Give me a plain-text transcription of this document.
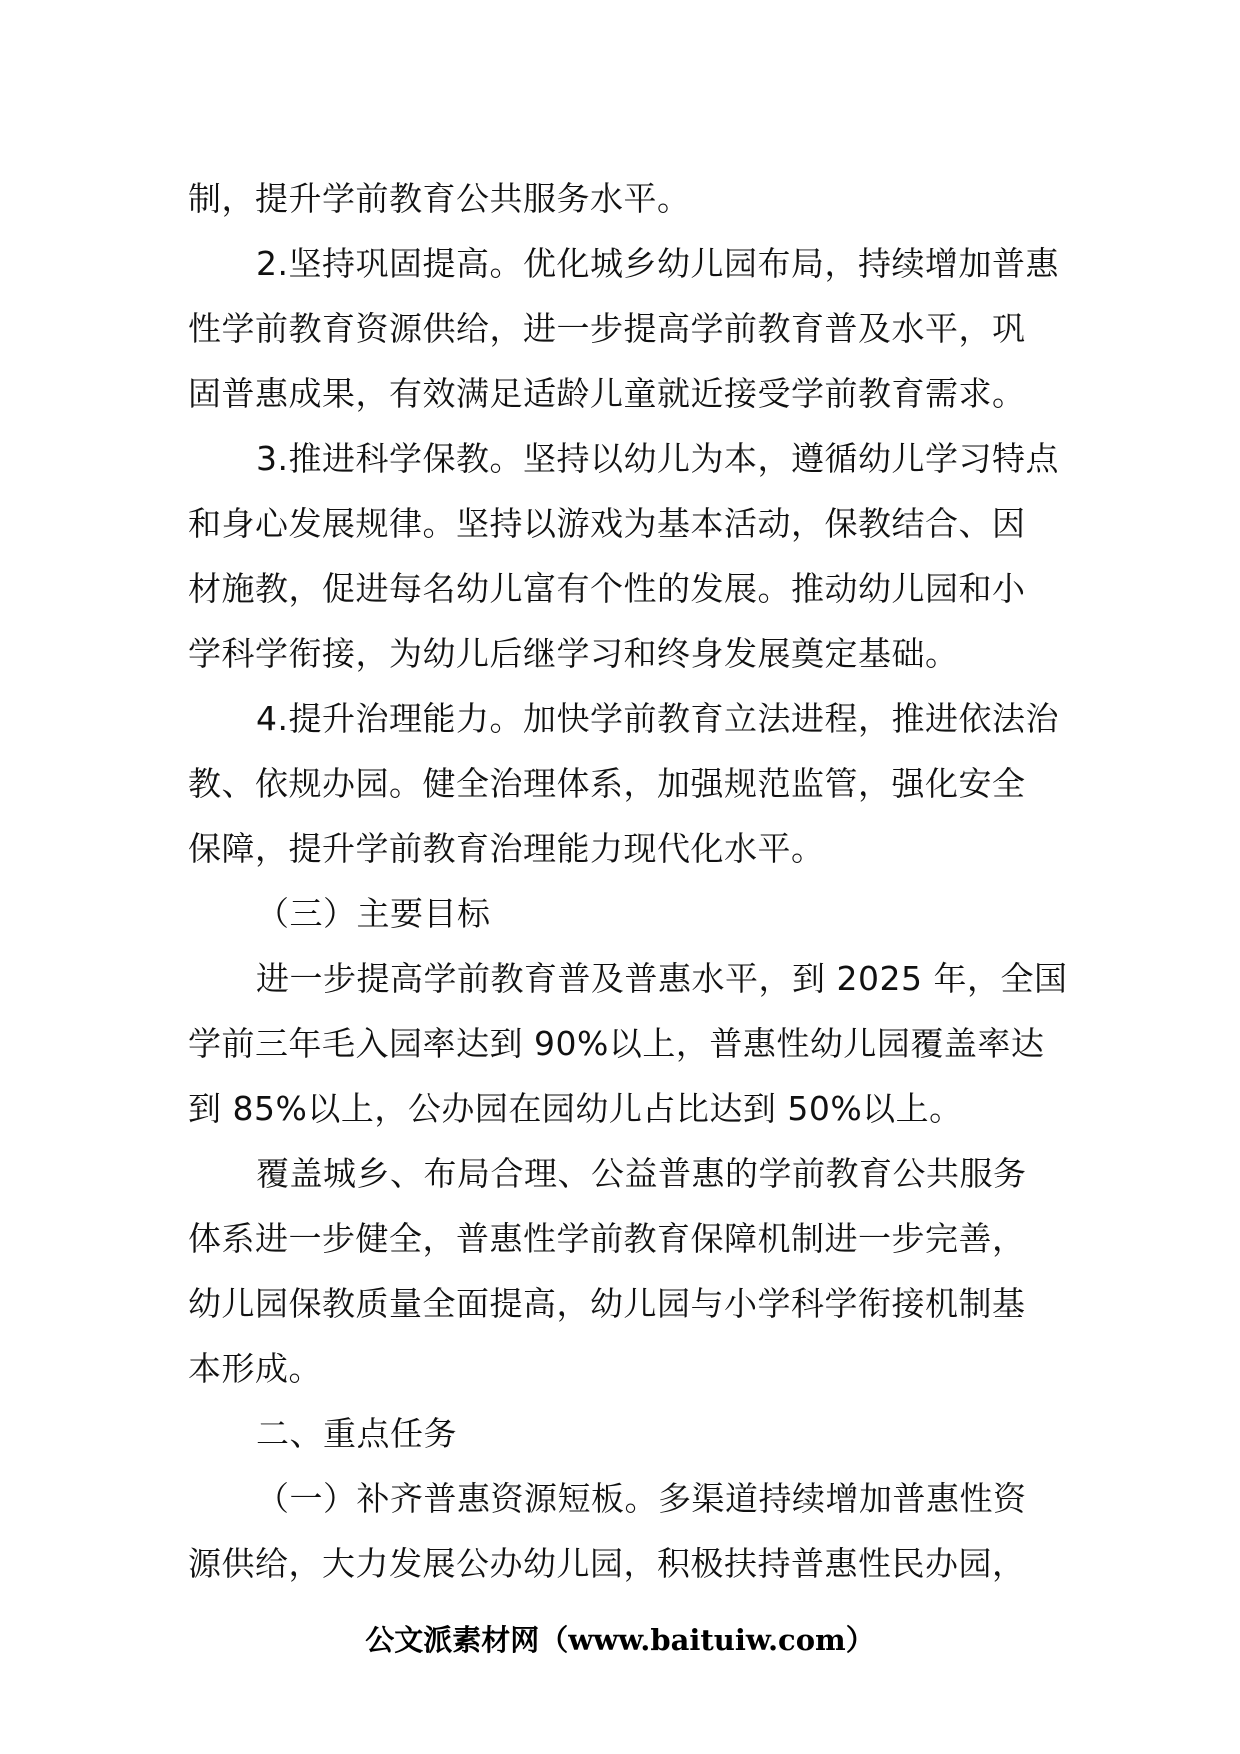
制，提升学前教育公共服务水平。
2.坚持巩固提高。优化城乡幼儿园布局，持续增加普惠
性学前教育资源供给，进一步提高学前教育普及水平，巩
固普惠成果，有效满足适龄儿童就近接受学前教育需求。
3.推进科学保教。坚持以幼儿为本，遵循幼儿学习特点
和身心发展规律。坚持以游戏为基本活动，保教结合、因
材施教，促进每名幼儿富有个性的发展。推动幼儿园和小
学科学衔接，为幼儿后继学习和终身发展奠定基础。
4.提升治理能力。加快学前教育立法进程，推进依法治
教、依规办园。健全治理体系，加强规范监管，强化安全
保障，提升学前教育治理能力现代化水平。
（三）主要目标
进一步提高学前教育普及普惠水平，到 2025 年，全国
学前三年毛入园率达到 90%以上，普惠性幼儿园覆盖率达
到 85%以上，公办园在园幼儿占比达到 50%以上。
覆盖城乡、布局合理、公益普惠的学前教育公共服务
体系进一步健全，普惠性学前教育保障机制进一步完善，
幼儿园保教质量全面提高，幼儿园与小学科学衔接机制基
本形成。
二、重点任务
（一）补齐普惠资源短板。多渠道持续增加普惠性资
源供给，大力发展公办幼儿园，积极扶持普惠性民办园，
公文派素材网（www.baituiw.com）
